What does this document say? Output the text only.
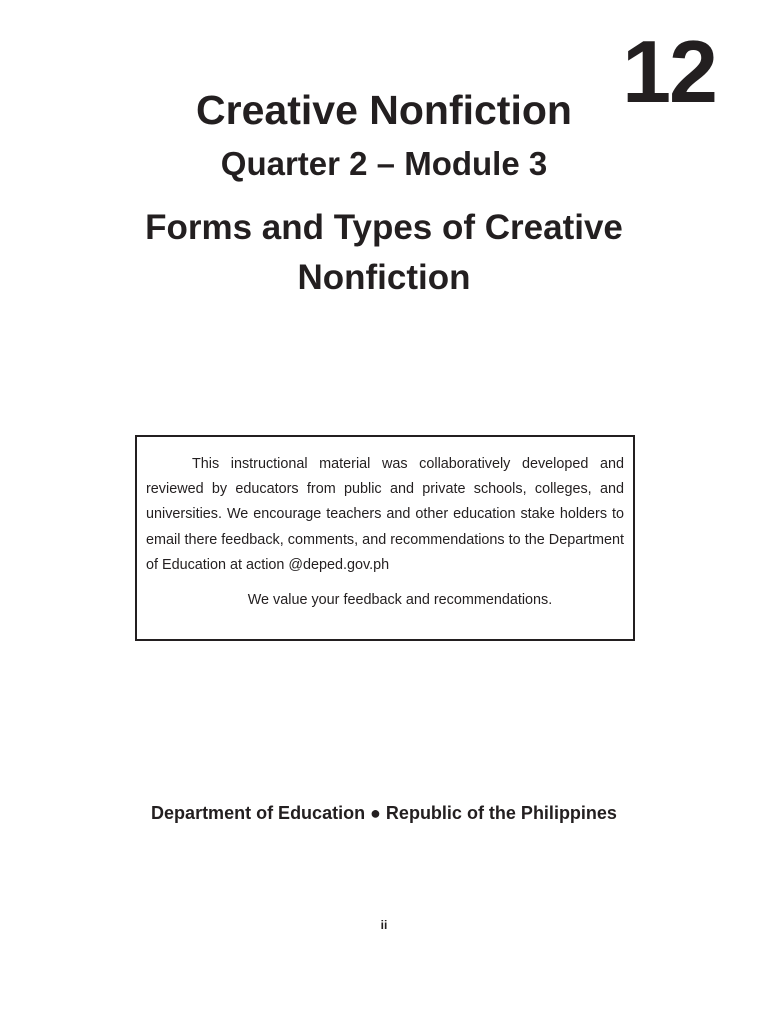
12
Creative Nonfiction
Quarter 2 – Module 3
Forms and Types of Creative Nonfiction

This instructional material was collaboratively developed and reviewed by educators from public and private schools, colleges, and universities. We encourage teachers and other education stake holders to email there feedback, comments, and recommendations to the Department of Education at action @deped.gov.ph

We value your feedback and recommendations.

Department of Education ● Republic of the Philippines
ii
